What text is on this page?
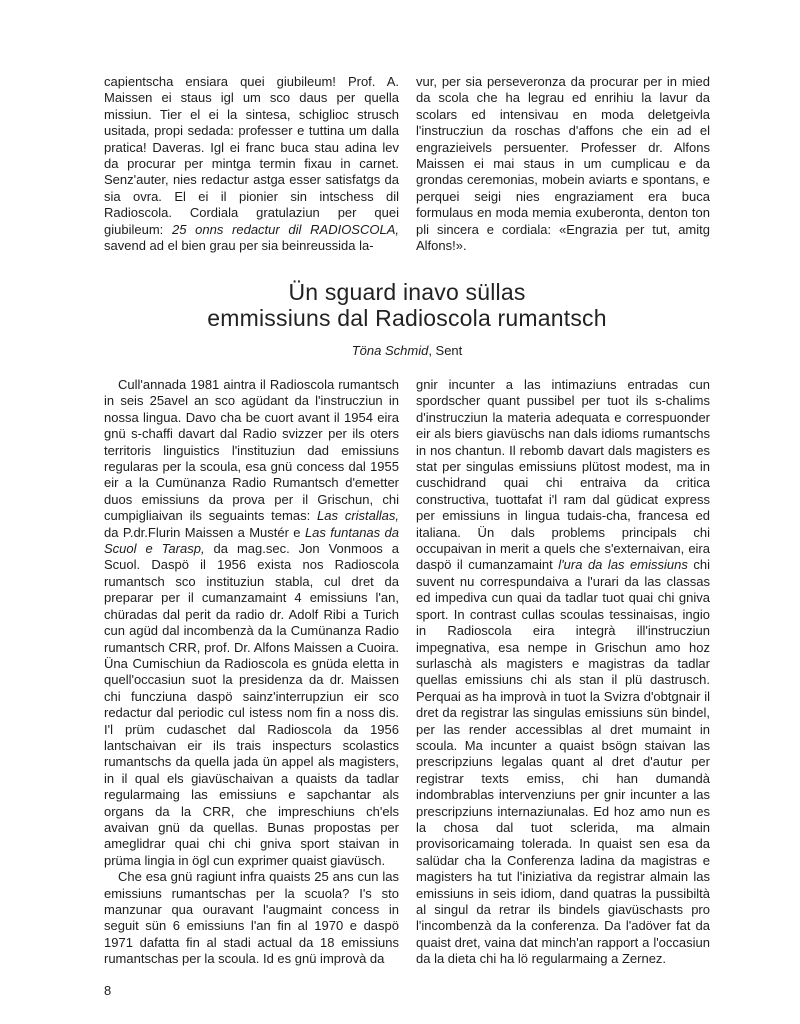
capientscha ensiara quei giubileum! Prof. A. Maissen ei staus igl um sco daus per quella missiun. Tier el ei la sintesa, schiglioc strusch usitada, propi sedada: professer e tuttina um dalla pratica! Daveras. Igl ei franc buca stau adina lev da procurar per mintga termin fixau in carnet. Senz'auter, nies redactur astga esser satisfatgs da sia ovra. El ei il pionier sin intschess dil Radioscola. Cordiala gratulaziun per quei giubileum: 25 onns redactur dil RADIOSCOLA, savend ad el bien grau per sia beinreussida la-

vur, per sia perseveronza da procurar per in mied da scola che ha legrau ed enrihiu la lavur da scolars ed intensivau en moda deletgeivla l'instrucziun da roschas d'affons che ein ad el engrazieivels persuenter. Professer dr. Alfons Maissen ei mai staus in um cumplicau e da grondas ceremonias, mobein aviarts e spontans, e perquei seigi nies engraziament era buca formulaus en moda memia exuberonta, denton ton pli sincera e cordiala: «Engrazia per tut, amitg Alfons!».

Ün sguard inavo süllas
emmissiuns dal Radioscola rumantsch
Töna Schmid, Sent

Cull'annada 1981 aintra il Radioscola rumantsch in seis 25avel an sco agüdant da l'instrucziun in nossa lingua. Davo cha be cuort avant il 1954 eira gnü s-chaffi davart dal Radio svizzer per ils oters territoris linguistics l'instituziun dad emissiuns regularas per la scoula, esa gnü concess dal 1955 eir a la Cumünanza Radio Rumantsch d'emetter duos emissiuns da prova per il Grischun, chi cumpigliaivan ils seguaints temas: Las cristallas, da P.dr.Flurin Maissen a Mustér e Las funtanas da Scuol e Tarasp, da mag.sec. Jon Vonmoos a Scuol. Daspö il 1956 exista nos Radioscola rumantsch sco instituziun stabla, cul dret da preparar per il cumanzamaint 4 emissiuns l'an, chüradas dal perit da radio dr. Adolf Ribi a Turich cun agüd dal incombenzà da la Cumünanza Radio rumantsch CRR, prof. Dr. Alfons Maissen a Cuoira. Üna Cumischiun da Radioscola es gnüda eletta in quell'occasiun suot la presidenza da dr. Maissen chi funcziuna daspö sainz'interrupziun eir sco redactur dal periodic cul istess nom fin a noss dis. I'l prüm cudaschet dal Radioscola da 1956 lantschaivan eir ils trais inspecturs scolastics rumantschs da quella jada ün appel als magisters, in il qual els giavüschaivan a quaists da tadlar regularmaing las emissiuns e sapchantar als organs da la CRR, che impreschiuns ch'els avaivan gnü da quellas. Bunas propostas per ameglidrar quai chi chi gniva sport staivan in prüma lingia in ögl cun exprimer quaist giavüsch.

Che esa gnü ragiunt infra quaists 25 ans cun las emissiuns rumantschas per la scuola? I's sto manzunar qua ouravant l'augmaint concess in seguit sün 6 emissiuns l'an fin al 1970 e daspö 1971 dafatta fin al stadi actual da 18 emissiuns rumantschas per la scoula. Id es gnü improvà da

gnir incunter a las intimaziuns entradas cun spordscher quant pussibel per tuot ils s-chalims d'instrucziun la materia adequata e correspuonder eir als biers giavüschs nan dals idioms rumantschs in nos chantun. Il rebomb davart dals magisters es stat per singulas emissiuns plütost modest, ma in cuschidrand quai chi entraiva da critica constructiva, tuottafat i'l ram dal güdicat express per emissiuns in lingua tudais-cha, francesa ed italiana. Ün dals problems principals chi occupaivan in merit a quels che s'externaivan, eira daspö il cumanzamaint l'ura da las emissiuns chi suvent nu correspundaiva a l'urari da las classas ed impediva cun quai da tadlar tuot quai chi gniva sport. In contrast cullas scoulas tessinaisas, ingio in Radioscola eira integrà ill'instrucziun impegnativa, esa nempe in Grischun amo hoz surlaschà als magisters e magistras da tadlar quellas emissiuns chi als stan il plü dastrusch. Perquai as ha improvà in tuot la Svizra d'obtgnair il dret da registrar las singulas emissiuns sün bindel, per las render accessiblas al dret mumaint in scoula. Ma incunter a quaist bsögn staivan las prescripziuns legalas quant al dret d'autur per registrar texts emiss, chi han dumandà indombrablas intervenziuns per gnir incunter a las prescripziuns internaziunalas. Ed hoz amo nun es la chosa dal tuot sclerida, ma almain provisoricamaing tolerada. In quaist sen esa da salüdar cha la Conferenza ladina da magistras e magisters ha tut l'iniziativa da registrar almain las emissiuns in seis idiom, dand quatras la pussibiltà al singul da retrar ils bindels giavüschasts pro l'incombenzà da la conferenza. Da l'adöver fat da quaist dret, vaina dat minch'an rapport a l'occasiun da la dieta chi ha lö regularmaing a Zernez.

8
